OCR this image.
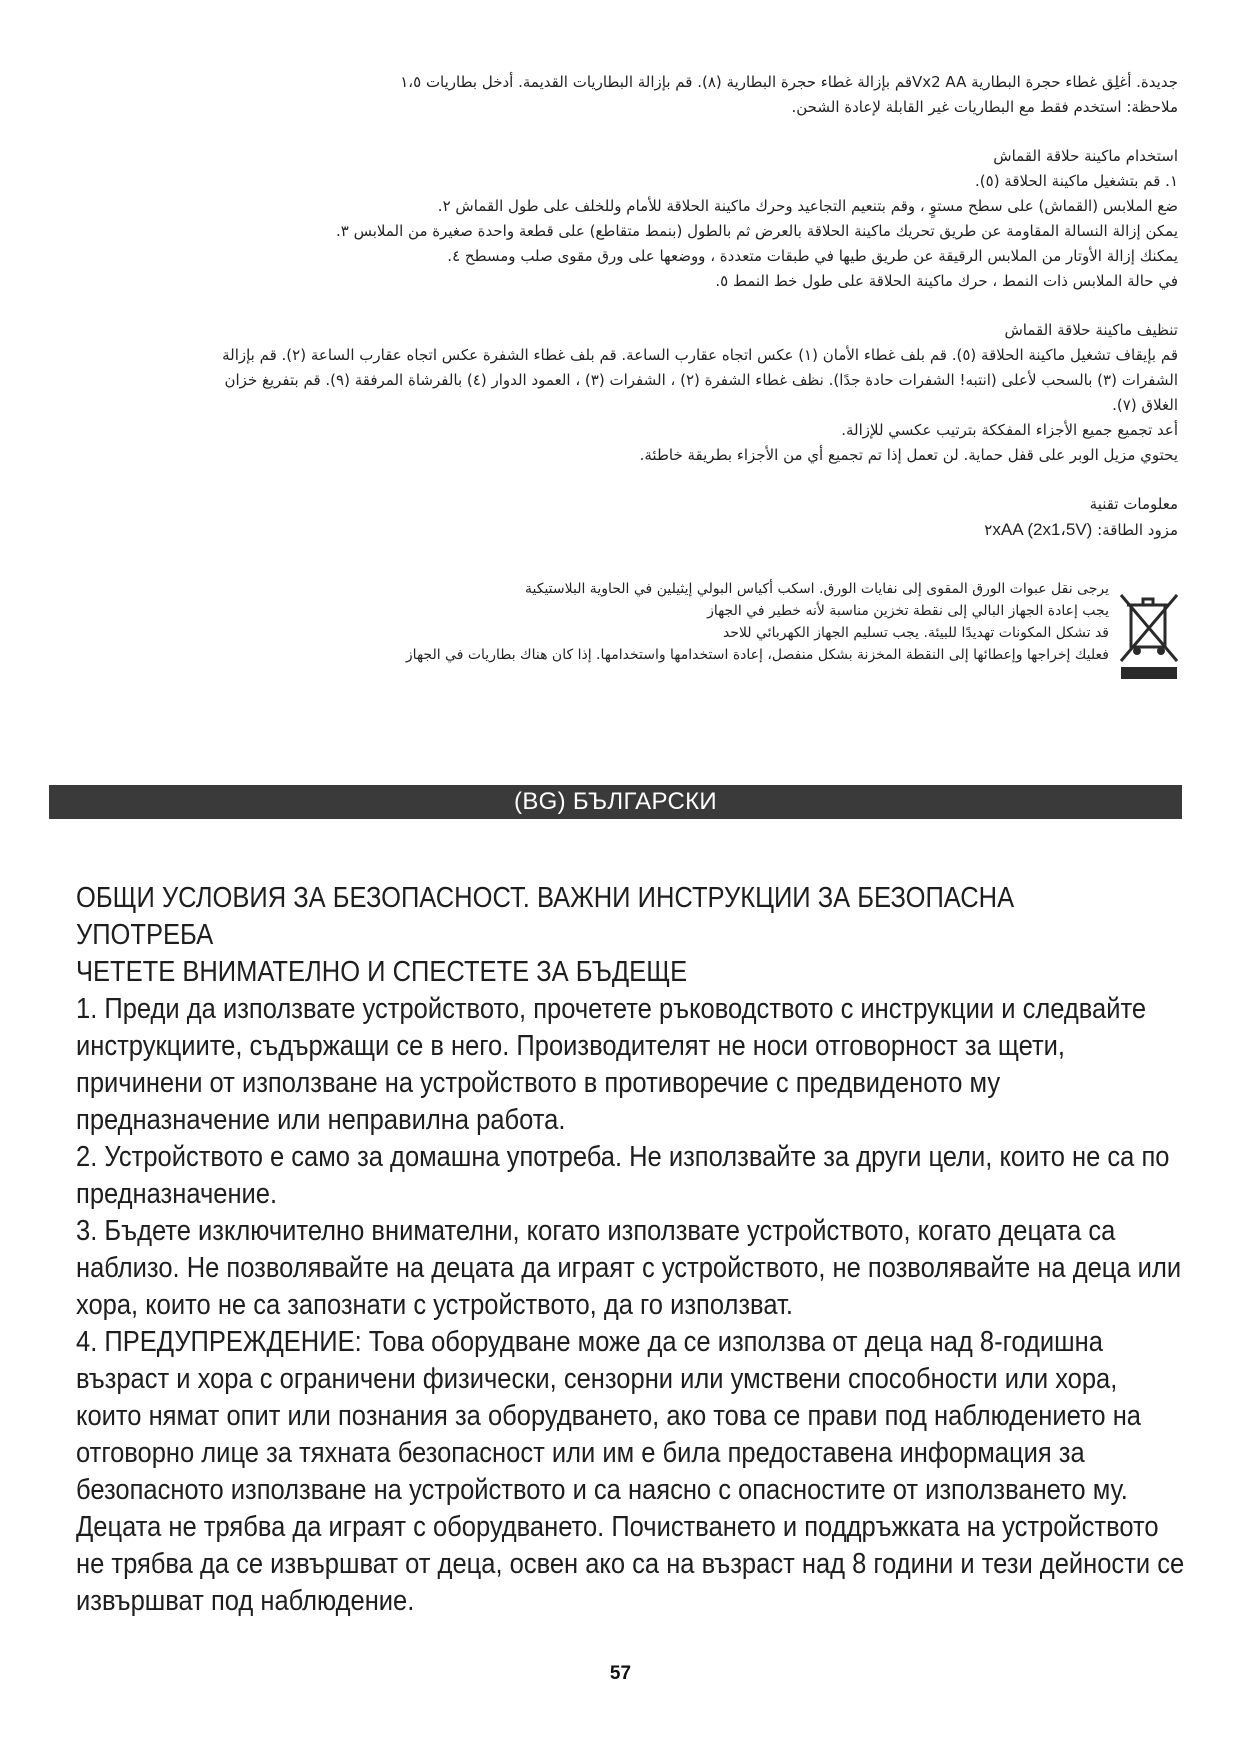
جديدة. أغلِق غطاء حجرة البطارية Vx2 AAقم بإزالة غطاء حجرة البطارية (٨). قم بإزالة البطاريات القديمة. أدخل بطاريات ١،٥
ملاحظة: استخدم فقط مع البطاريات غير القابلة لإعادة الشحن.
استخدام ماكينة حلاقة القماش
١. قم بتشغيل ماكينة الحلاقة (٥).
ضع الملابس (القماش) على سطح مستوٍ ، وقم بتنعيم التجاعيد وحرك ماكينة الحلاقة للأمام وللخلف على طول القماش ٢.
يمكن إزالة النسالة المقاومة عن طريق تحريك ماكينة الحلاقة بالعرض ثم بالطول (بنمط متقاطع) على قطعة واحدة صغيرة من الملابس ٣.
يمكنك إزالة الأوتار من الملابس الرقيقة عن طريق طيها في طبقات متعددة ، ووضعها على ورق مقوى صلب ومسطح ٤.
في حالة الملابس ذات النمط ، حرك ماكينة الحلاقة على طول خط النمط ٥.
تنظيف ماكينة حلاقة القماش
قم بإيقاف تشغيل ماكينة الحلاقة (٥). قم بلف غطاء الأمان (١) عكس اتجاه عقارب الساعة. قم بلف غطاء الشفرة عكس اتجاه عقارب الساعة (٢). قم بإزالة
الشفرات (٣) بالسحب لأعلى (انتبه! الشفرات حادة جدًا). نظف غطاء الشفرة (٢) ، الشفرات (٣) ، العمود الدوار (٤) بالفرشاة المرفقة (٩). قم بتفريغ خزان
الغلاق (٧).
أعد تجميع جميع الأجزاء المفككة بترتيب عكسي للإزالة.
يحتوي مزيل الوبر على قفل حماية. لن تعمل إذا تم تجميع أي من الأجزاء بطريقة خاطئة.
معلومات تقنية
مزود الطاقة: ٢xAA (2x1،5V)
يرجى نقل عبوات الورق المقوى إلى نفايات الورق. اسكب أكياس البولي إيثيلين في الحاوية البلاستيكية
يجب إعادة الجهاز البالي إلى نقطة تخزين مناسبة لأنه خطير في الجهاز
قد تشكل المكونات تهديدًا للبيئة. يجب تسليم الجهاز الكهربائي للاحد
فعليك إخراجها وإعطائها إلى النقطة المخزنة بشكل منفصل، إعادة استخدامها واستخدامها. إذا كان هناك بطاريات في الجهاز
(BG) БЪЛГАРСКИ

ОБЩИ УСЛОВИЯ ЗА БЕЗОПАСНОСТ. ВАЖНИ ИНСТРУКЦИИ ЗА БЕЗОПАСНА

УПОТРЕБА

ЧЕТЕТЕ ВНИМАТЕЛНО И СПЕСТЕТЕ ЗА БЪДЕЩЕ

1. Преди да използвате устройството, прочетете ръководството с инструкции и следвайте инструкциите, съдържащи се в него. Производителят не носи отговорност за щети, причинени от използване на устройството в противоречие с предвиденото му предназначение или неправилна работа.

2. Устройството е само за домашна употреба. Не използвайте за други цели, които не са по предназначение.

3. Бъдете изключително внимателни, когато използвате устройството, когато децата са наблизо. Не позволявайте на децата да играят с устройството, не позволявайте на деца или хора, които не са запознати с устройството, да го използват.

4. ПРЕДУПРЕЖДЕНИЕ: Това оборудване може да се използва от деца над 8-годишна възраст и хора с ограничени физически, сензорни или умствени способности или хора, които нямат опит или познания за оборудването, ако това се прави под наблюдението на отговорно лице за тяхната безопасност или им е била предоставена информация за безопасното използване на устройството и са наясно с опасностите от използването му. Децата не трябва да играят с оборудването. Почистването и поддръжката на устройството не трябва да се извършват от деца, освен ако са на възраст над 8 години и тези дейности се извършват под наблюдение.

57
